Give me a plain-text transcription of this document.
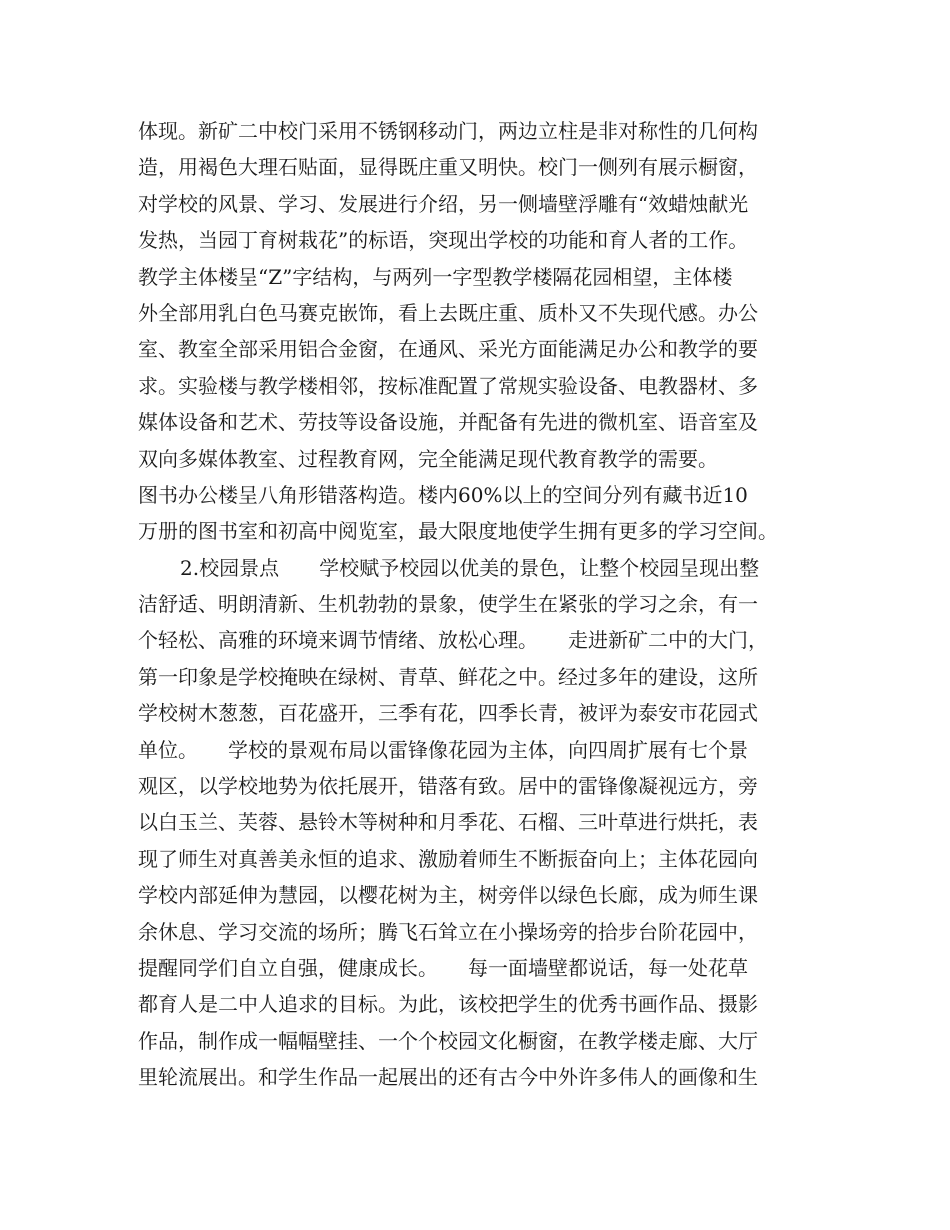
体现。新矿二中校门采用不锈钢移动门，两边立柱是非对称性的几何构
造，用褐色大理石贴面，显得既庄重又明快。校门一侧列有展示橱窗，
对学校的风景、学习、发展进行介绍，另一侧墙壁浮雕有“效蜡烛献光
发热，当园丁育树栽花”的标语，突现出学校的功能和育人者的工作。
教学主体楼呈“Z”字结构，与两列一字型教学楼隔花园相望，主体楼
外全部用乳白色马赛克嵌饰，看上去既庄重、质朴又不失现代感。办公
室、教室全部采用铝合金窗，在通风、采光方面能满足办公和教学的要
求。实验楼与教学楼相邻，按标准配置了常规实验设备、电教器材、多
媒体设备和艺术、劳技等设备设施，并配备有先进的微机室、语音室及
双向多媒体教室、过程教育网，完全能满足现代教育教学的需要。
图书办公楼呈八角形错落构造。楼内60%以上的空间分列有藏书近10
万册的图书室和初高中阅览室，最大限度地使学生拥有更多的学习空间。
2.校园景点　　学校赋予校园以优美的景色，让整个校园呈现出整
洁舒适、明朗清新、生机勃勃的景象，使学生在紧张的学习之余，有一
个轻松、高雅的环境来调节情绪、放松心理。　　走进新矿二中的大门，
第一印象是学校掩映在绿树、青草、鲜花之中。经过多年的建设，这所
学校树木葱葱，百花盛开，三季有花，四季长青，被评为泰安市花园式
单位。　　学校的景观布局以雷锋像花园为主体，向四周扩展有七个景
观区，以学校地势为依托展开，错落有致。居中的雷锋像凝视远方，旁
以白玉兰、芙蓉、悬铃木等树种和月季花、石榴、三叶草进行烘托，表
现了师生对真善美永恒的追求、激励着师生不断振奋向上；主体花园向
学校内部延伸为慧园，以樱花树为主，树旁伴以绿色长廊，成为师生课
余休息、学习交流的场所；腾飞石耸立在小操场旁的拾步台阶花园中，
提醒同学们自立自强，健康成长。　　每一面墙壁都说话，每一处花草
都育人是二中人追求的目标。为此，该校把学生的优秀书画作品、摄影
作品，制作成一幅幅壁挂、一个个校园文化橱窗，在教学楼走廊、大厅
里轮流展出。和学生作品一起展出的还有古今中外许多伟人的画像和生
